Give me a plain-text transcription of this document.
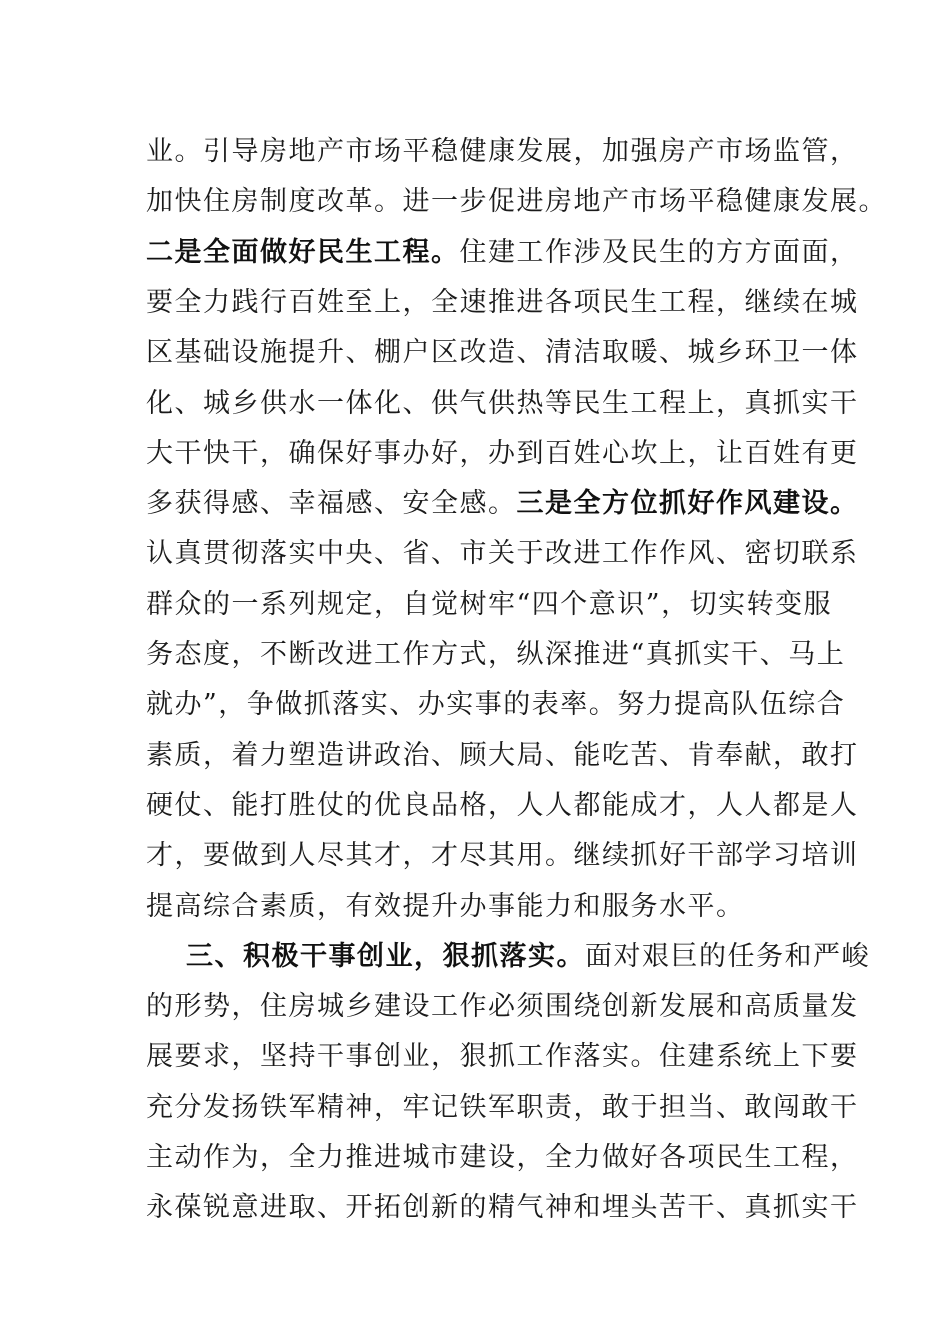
业。引导房地产市场平稳健康发展，加强房产市场监管，
加快住房制度改革。进一步促进房地产市场平稳健康发展。
二是全面做好民生工程。住建工作涉及民生的方方面面，
要全力践行百姓至上，全速推进各项民生工程，继续在城
区基础设施提升、棚户区改造、清洁取暖、城乡环卫一体
化、城乡供水一体化、供气供热等民生工程上，真抓实干
大干快干，确保好事办好，办到百姓心坎上，让百姓有更
多获得感、幸福感、安全感。三是全方位抓好作风建设。
认真贯彻落实中央、省、市关于改进工作作风、密切联系
群众的一系列规定，自觉树牢“四个意识”，切实转变服
务态度，不断改进工作方式，纵深推进“真抓实干、马上
就办”，争做抓落实、办实事的表率。努力提高队伍综合
素质，着力塑造讲政治、顾大局、能吃苦、肯奉献，敢打
硬仗、能打胜仗的优良品格，人人都能成才，人人都是人
才，要做到人尽其才，才尽其用。继续抓好干部学习培训
提高综合素质，有效提升办事能力和服务水平。
三、积极干事创业，狠抓落实。面对艰巨的任务和严峻
的形势，住房城乡建设工作必须围绕创新发展和高质量发
展要求，坚持干事创业，狠抓工作落实。住建系统上下要
充分发扬铁军精神，牢记铁军职责，敢于担当、敢闯敢干
主动作为，全力推进城市建设，全力做好各项民生工程，
永葆锐意进取、开拓创新的精气神和埋头苦干、真抓实干
